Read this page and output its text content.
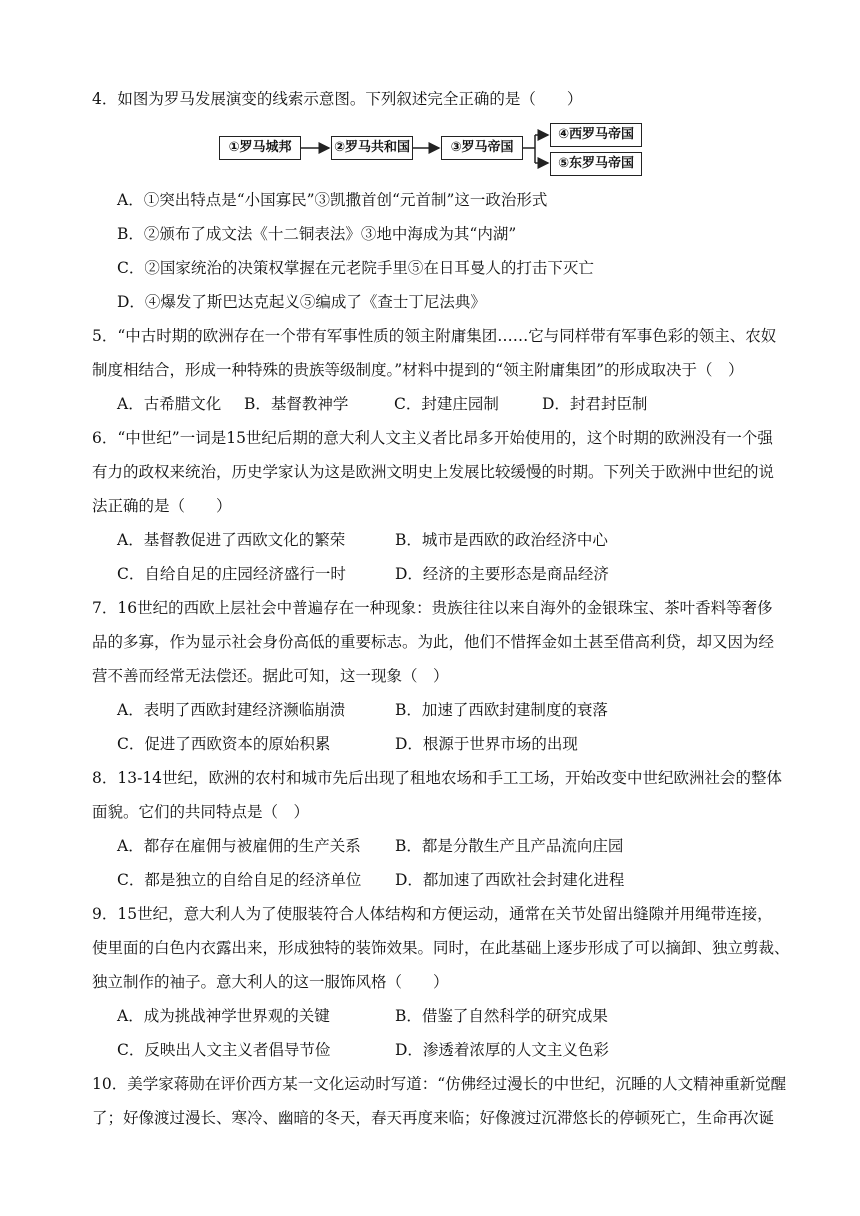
4．如图为罗马发展演变的线索示意图。下列叙述完全正确的是（　　）
①罗马城邦	②罗马共和国	③罗马帝国
④西罗马帝国
⑤东罗马帝国
A．①突出特点是“小国寡民”③凯撒首创“元首制”这一政治形式
B．②颁布了成文法《十二铜表法》③地中海成为其“内湖”
C．②国家统治的决策权掌握在元老院手里⑤在日耳曼人的打击下灭亡
D．④爆发了斯巴达克起义⑤编成了《查士丁尼法典》
5．“中古时期的欧洲存在一个带有军事性质的领主附庸集团……它与同样带有军事色彩的领主、农奴
制度相结合，形成一种特殊的贵族等级制度。”材料中提到的“领主附庸集团”的形成取决于（　）
A．古希腊文化 B．基督教神学	C．封建庄园制	D．封君封臣制
6．“中世纪”一词是15世纪后期的意大利人文主义者比昂多开始使用的，这个时期的欧洲没有一个强
有力的政权来统治，历史学家认为这是欧洲文明史上发展比较缓慢的时期。下列关于欧洲中世纪的说
法正确的是（　　）
A．基督教促进了西欧文化的繁荣	B．城市是西欧的政治经济中心
C．自给自足的庄园经济盛行一时	D．经济的主要形态是商品经济
7．16世纪的西欧上层社会中普遍存在一种现象：贵族往往以来自海外的金银珠宝、茶叶香料等奢侈
品的多寡，作为显示社会身份高低的重要标志。为此，他们不惜挥金如土甚至借高利贷，却又因为经
营不善而经常无法偿还。据此可知，这一现象（　）
A．表明了西欧封建经济濒临崩溃	B．加速了西欧封建制度的衰落
C．促进了西欧资本的原始积累	D．根源于世界市场的出现
8．13-14世纪，欧洲的农村和城市先后出现了租地农场和手工工场，开始改变中世纪欧洲社会的整体
面貌。它们的共同特点是（　）
A．都存在雇佣与被雇佣的生产关系 B．都是分散生产且产品流向庄园
C．都是独立的自给自足的经济单位 D．都加速了西欧社会封建化进程
9．15世纪，意大利人为了使服装符合人体结构和方便运动，通常在关节处留出缝隙并用绳带连接，
使里面的白色内衣露出来，形成独特的装饰效果。同时，在此基础上逐步形成了可以摘卸、独立剪裁、
独立制作的袖子。意大利人的这一服饰风格（　　）
A．成为挑战神学世界观的关键	B．借鉴了自然科学的研究成果
C．反映出人文主义者倡导节俭	D．渗透着浓厚的人文主义色彩
10．美学家蒋勋在评价西方某一文化运动时写道：“仿佛经过漫长的中世纪，沉睡的人文精神重新觉醒
了；好像渡过漫长、寒冷、幽暗的冬天，春天再度来临；好像渡过沉滞悠长的停顿死亡，生命再次诞
